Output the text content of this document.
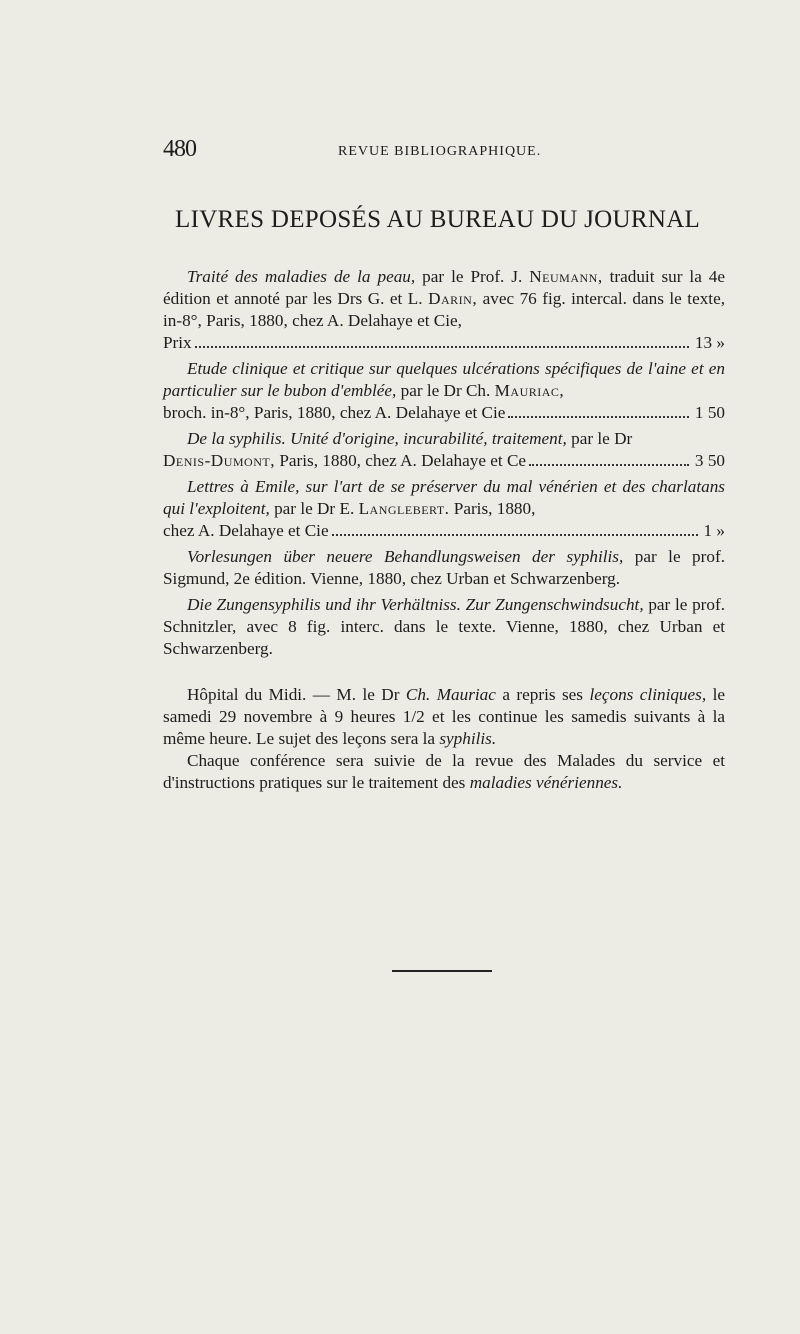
480	REVUE BIBLIOGRAPHIQUE.
LIVRES DEPOSÉS AU BUREAU DU JOURNAL

Traité des maladies de la peau, par le Prof. J. Neumann, traduit sur la 4e édition et annoté par les Drs G. et L. Darin, avec 76 fig. intercal. dans le texte, in-8°, Paris, 1880, chez A. Delahaye et Cie,

Prix	13 »

Etude clinique et critique sur quelques ulcérations spécifiques de l'aine et en particulier sur le bubon d'emblée, par le Dr Ch. Mauriac,

broch. in-8°, Paris, 1880, chez A. Delahaye et Cie	1 50

De la syphilis. Unité d'origine, incurabilité, traitement, par le Dr

Denis-Dumont, Paris, 1880, chez A. Delahaye et Ce	3 50

Lettres à Emile, sur l'art de se préserver du mal vénérien et des charlatans qui l'exploitent, par le Dr E. Langlebert. Paris, 1880,

chez A. Delahaye et Cie	1 »

Vorlesungen über neuere Behandlungsweisen der syphilis, par le prof. Sigmund, 2e édition. Vienne, 1880, chez Urban et Schwarzenberg.

Die Zungensyphilis und ihr Verhältniss. Zur Zungenschwindsucht, par le prof. Schnitzler, avec 8 fig. interc. dans le texte. Vienne, 1880, chez Urban et Schwarzenberg.

Hôpital du Midi. — M. le Dr Ch. Mauriac a repris ses leçons cliniques, le samedi 29 novembre à 9 heures 1/2 et les continue les samedis suivants à la même heure. Le sujet des leçons sera la syphilis.

Chaque conférence sera suivie de la revue des Malades du service et d'instructions pratiques sur le traitement des maladies vénériennes.
